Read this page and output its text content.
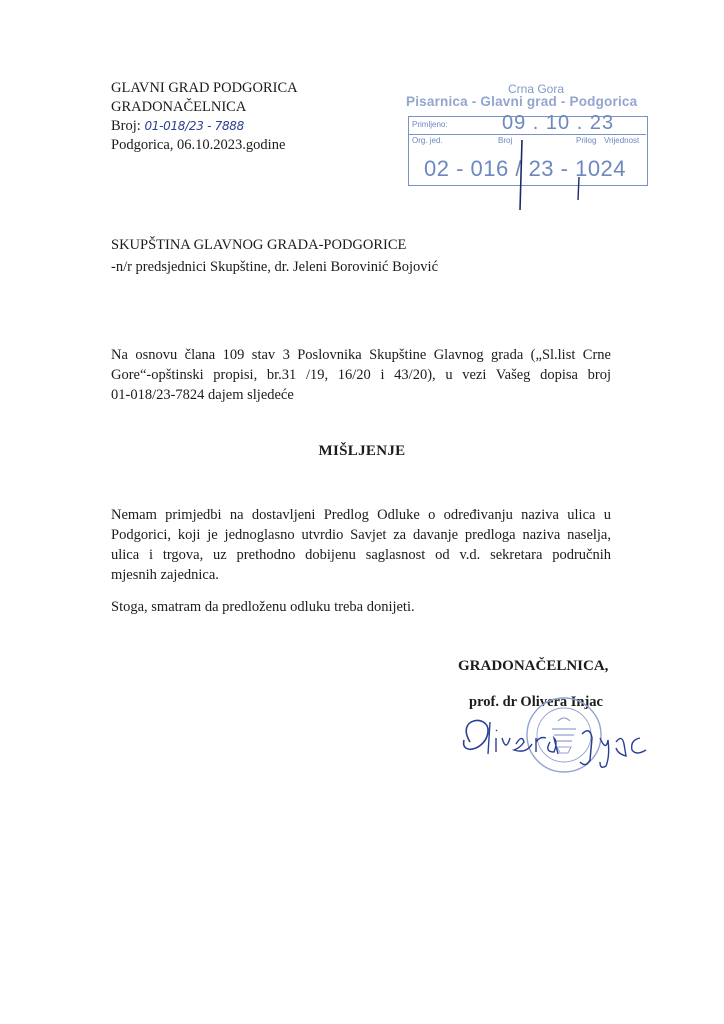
GLAVNI GRAD PODGORICA
GRADONAČELNICA
Broj: 01-018/23 - 7888
Podgorica, 06.10.2023.godine
Crna Gora
Pisarnica - Glavni grad - Podgorica
Primljeno:
Org. jed.	Broj	Prilog Vrijednost
09 . 10 . 23
02 - 016 / 23 - 1024
SKUPŠTINA GLAVNOG GRADA-PODGORICE
-n/r predsjednici Skupštine, dr. Jeleni Borovinić Bojović
Na osnovu člana 109 stav 3 Poslovnika Skupštine Glavnog grada („Sl.list Crne
Gore“-opštinski propisi, br.31 /19, 16/20 i 43/20), u vezi Vašeg dopisa broj
01-018/23-7824 dajem sljedeće
MIŠLJENJE
Nemam primjedbi na dostavljeni Predlog Odluke o određivanju naziva ulica u
Podgorici, koji je jednoglasno utvrdio Savjet za davanje predloga naziva naselja,
ulica i trgova, uz prethodno dobijenu saglasnost od v.d. sekretara područnih
mjesnih zajednica.
Stoga, smatram da predloženu odluku treba donijeti.
GRADONAČELNICA,
prof. dr Olivera Injac
